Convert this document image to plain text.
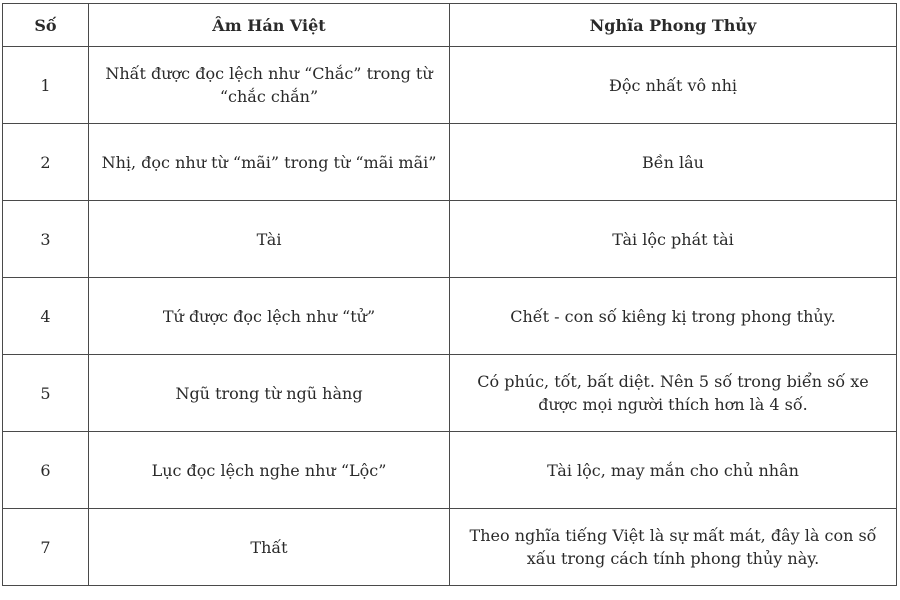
Số	Âm Hán Việt	Nghĩa Phong Thủy
1	Nhất được đọc lệch như “Chắc” trong từ “chắc chắn”	Độc nhất vô nhị
2	Nhị, đọc như từ “mãi” trong từ “mãi mãi”	Bền lâu
3	Tài	Tài lộc phát tài
4	Tứ được đọc lệch như “tử”	Chết - con số kiêng kị trong phong thủy.
5	Ngũ trong từ ngũ hàng	Có phúc, tốt, bất diệt. Nên 5 số trong biển số xe được mọi người thích hơn là 4 số.
6	Lục đọc lệch nghe như “Lộc”	Tài lộc, may mắn cho chủ nhân
7	Thất	Theo nghĩa tiếng Việt là sự mất mát, đây là con số xấu trong cách tính phong thủy này.
